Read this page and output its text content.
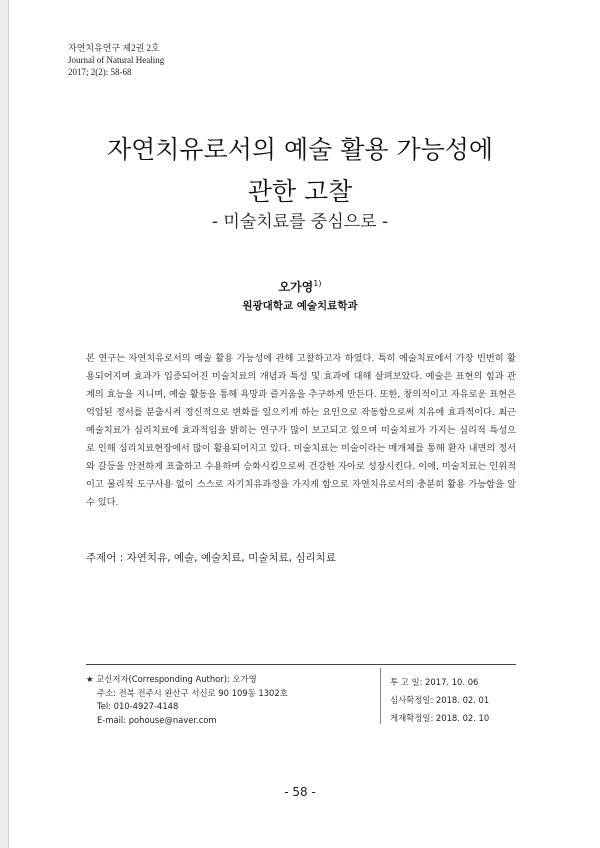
자연치유연구 제2권 2호
Journal of Natural Healing
2017; 2(2): 58-68
자연치유로서의 예술 활용 가능성에
관한 고찰
- 미술치료를 중심으로 -
오가영$^{1)}$
원광대학교 예술치료학과
본 연구는 자연치유로서의 예술 활용 가능성에 관해 고찰하고자 하였다. 특히 예술치료에서 가장 빈번히 활용되어지며 효과가 입증되어진 미술치료의 개념과 특성 및 효과에 대해 살펴보았다. 예술은 표현의 힘과 관계의 효능을 지니며, 예술 활동을 통해 욕망과 즐거움을 추구하게 만든다. 또한, 창의적이고 자유로운 표현은 억압된 정서를 분출시켜 정신적으로 변화를 일으키게 하는 요인으로 작동함으로써 치유에 효과적이다. 최근 예술치료가 심리치료에 효과적임을 밝히는 연구가 많이 보고되고 있으며 미술치료가 가지는 심리적 특성으로 인해 심리치료현장에서 많이 활용되어지고 있다. 미술치료는 미술이라는 매개체를 통해 환자 내면의 정서와 갈등을 안전하게 표출하고 수용하며 승화시킴으로써 건강한 자아로 성장시킨다. 이에, 미술치료는 인위적이고 물리적 도구사용 없이 스스로 자기치유과정을 가지게 함으로 자연치유로서의 충분히 활용 가능함을 알 수 있다.
주제어 : 자연치유, 예술, 예술치료, 미술치료, 심리치료
★ 교신저자(Corresponding Author): 오가영
주소: 전북 전주시 완산구 서신로 90 109동 1302호
Tel: 010-4927-4148
E-mail: pohouse@naver.com
투 고 일: 2017. 10. 06
심사확정일: 2018. 02. 01
게재확정일: 2018. 02. 10
- 58 -
